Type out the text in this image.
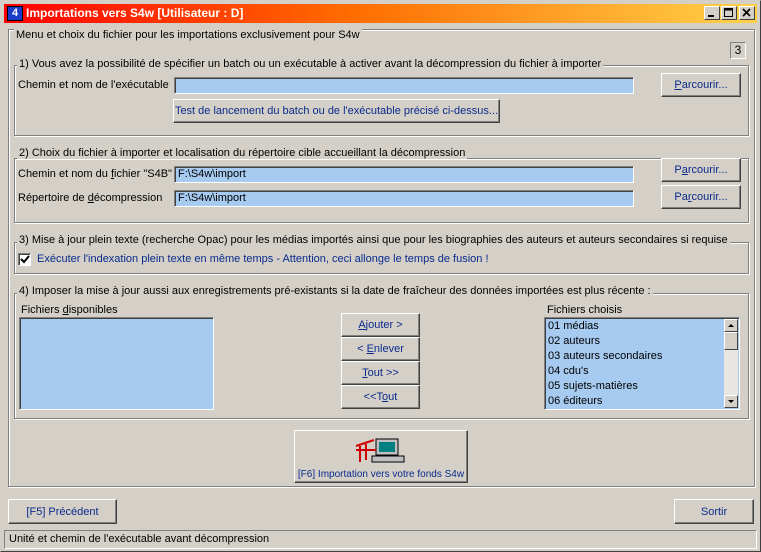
4 Importations vers S4w [Utilisateur : D]
Menu et choix du fichier pour les importations exclusivement pour S4w
3
1) Vous avez la possibilité de spécifier un batch ou un exécutable à activer avant la décompression du fichier à importer
Chemin et nom de l'exécutable	Parcourir...
Test de lancement du batch ou de l'exécutable précisé ci-dessus...
2) Choix du fichier à importer et localisation du répertoire cible accueillant la décompression
Chemin et nom du fichier "S4B" F:\S4w\import	Parcourir...
Répertoire de décompression	F:\S4w\import	Parcourir...
3) Mise à jour plein texte (recherche Opac) pour les médias importés ainsi que pour les biographies des auteurs et auteurs secondaires si requise
Exécuter l'indexation plein texte en même temps - Attention, ceci allonge le temps de fusion !
4) Imposer la mise à jour aussi aux enregistrements pré-existants si la date de fraîcheur des données importées est plus récente :
Fichiers disponibles
Ajouter >
< Enlever
Tout >>
<<Tout
Fichiers choisis
01 médias
02 auteurs
03 auteurs secondaires
04 cdu's
05 sujets-matières
06 éditeurs
[F6] Importation vers votre fonds S4w
[F5] Précédent	Sortir
Unité et chemin de l'exécutable avant décompression
